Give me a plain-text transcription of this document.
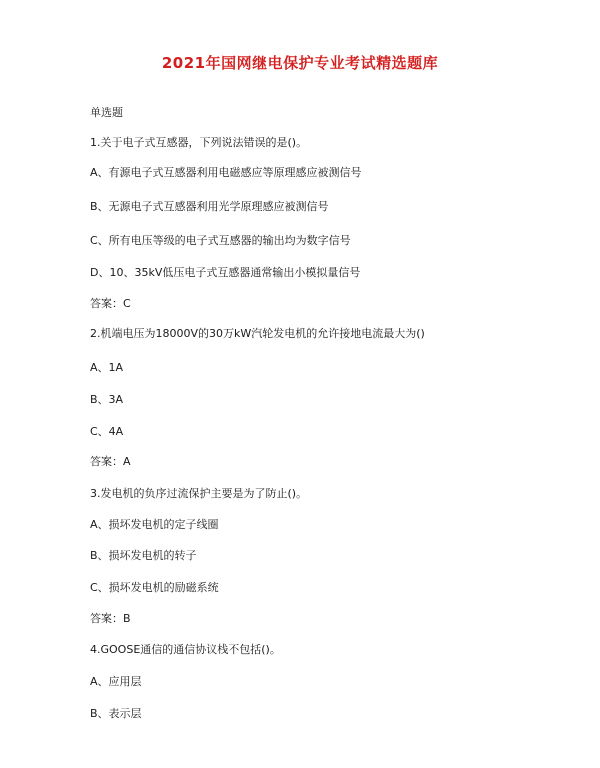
2021年国网继电保护专业考试精选题库
单选题
1.关于电子式互感器，下列说法错误的是()。
A、有源电子式互感器利用电磁感应等原理感应被测信号
B、无源电子式互感器利用光学原理感应被测信号
C、所有电压等级的电子式互感器的输出均为数字信号
D、10、35kV低压电子式互感器通常输出小模拟量信号
答案：C
2.机端电压为18000V的30万kW汽轮发电机的允许接地电流最大为()
A、1A
B、3A
C、4A
答案：A
3.发电机的负序过流保护主要是为了防止()。
A、损坏发电机的定子线圈
B、损坏发电机的转子
C、损坏发电机的励磁系统
答案：B
4.GOOSE通信的通信协议栈不包括()。
A、应用层
B、表示层
